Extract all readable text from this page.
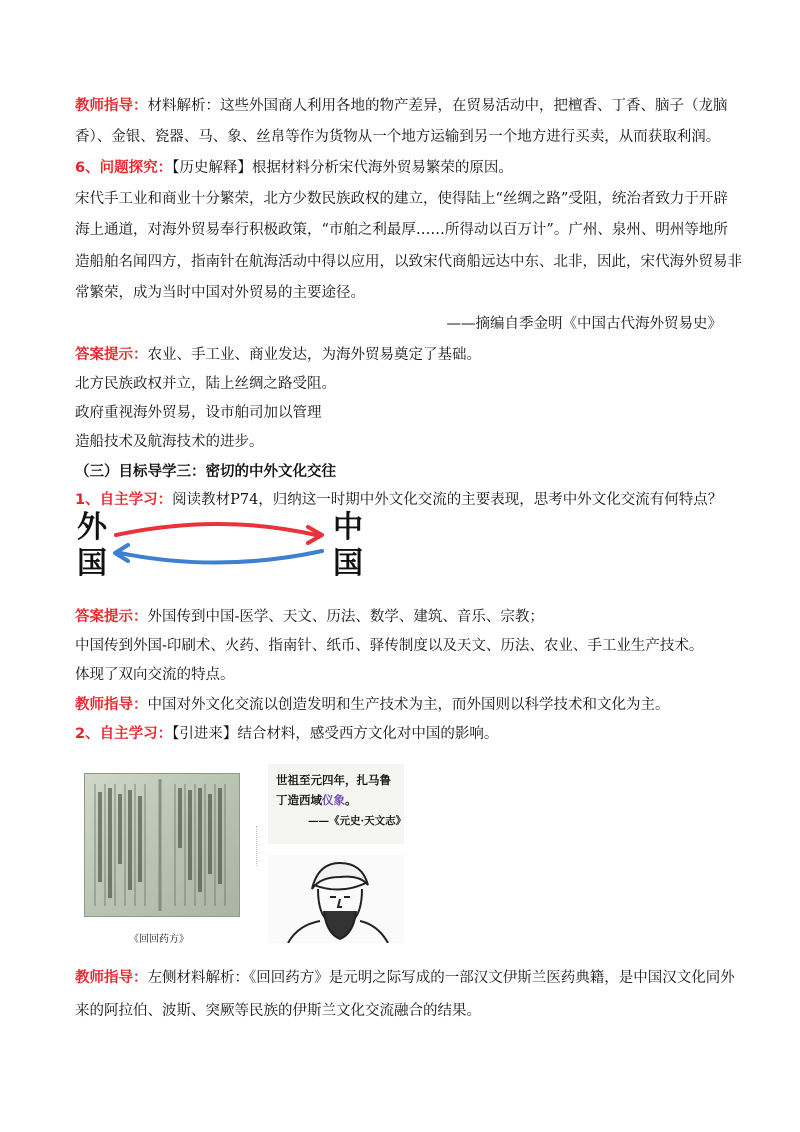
教师指导：材料解析：这些外国商人利用各地的物产差异，在贸易活动中，把檀香、丁香、脑子（龙脑
香）、金银、瓷器、马、象、丝帛等作为货物从一个地方运输到另一个地方进行买卖，从而获取利润。
6、问题探究：【历史解释】根据材料分析宋代海外贸易繁荣的原因。
宋代手工业和商业十分繁荣，北方少数民族政权的建立，使得陆上“丝绸之路”受阻，统治者致力于开辟
海上通道，对海外贸易奉行积极政策，“市舶之利最厚……所得动以百万计”。广州、泉州、明州等地所
造船舶名闻四方，指南针在航海活动中得以应用，以致宋代商船远达中东、北非，因此，宋代海外贸易非
常繁荣，成为当时中国对外贸易的主要途径。
——摘编自季金明《中国古代海外贸易史》
答案提示：农业、手工业、商业发达，为海外贸易奠定了基础。
北方民族政权并立，陆上丝绸之路受阻。
政府重视海外贸易，设市舶司加以管理
造船技术及航海技术的进步。
（三）目标导学三：密切的中外文化交往
1、自主学习：阅读教材P74，归纳这一时期中外文化交流的主要表现，思考中外文化交流有何特点？
外
国
中
国
答案提示：外国传到中国-医学、天文、历法、数学、建筑、音乐、宗教；
中国传到外国-印刷术、火药、指南针、纸币、驿传制度以及天文、历法、农业、手工业生产技术。
体现了双向交流的特点。
教师指导：中国对外文化交流以创造发明和生产技术为主，而外国则以科学技术和文化为主。
2、自主学习：【引进来】结合材料，感受西方文化对中国的影响。
《回回药方》
世祖至元四年，扎马鲁
丁造西域仪象。
——《元史·天文志》
教师指导：左侧材料解析：《回回药方》是元明之际写成的一部汉文伊斯兰医药典籍，是中国汉文化同外
来的阿拉伯、波斯、突厥等民族的伊斯兰文化交流融合的结果。
